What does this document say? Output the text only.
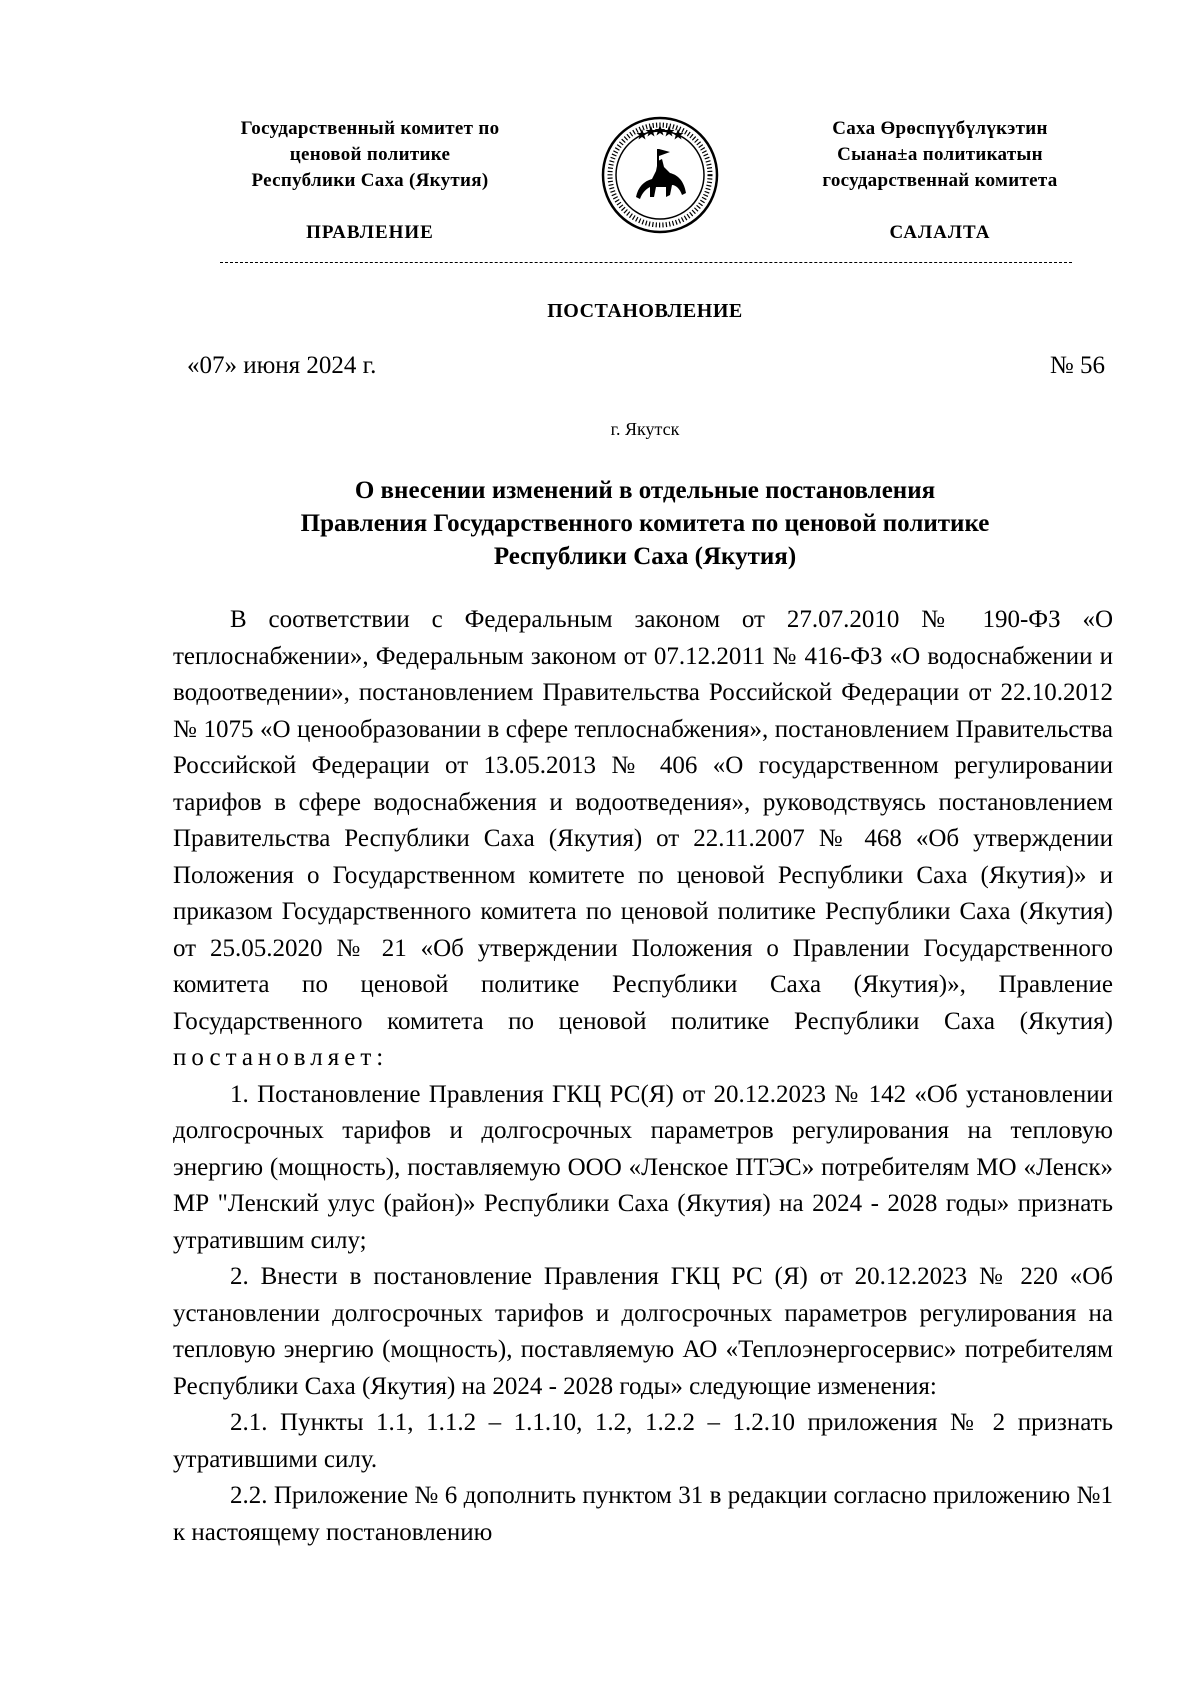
Государственный комитет по
ценовой политике
Республики Саха (Якутия)
Саха Өрөспүүбүлүкэтин
Сыана±а политикатын
государственнай комитета
ПРАВЛЕНИЕ	САЛАЛТА
ПОСТАНОВЛЕНИЕ
«07» июня 2024 г.	№ 56
г. Якутск
О внесении изменений в отдельные постановления
Правления Государственного комитета по ценовой политике
Республики Саха (Якутия)

В соответствии с Федеральным законом от 27.07.2010 № 190-ФЗ «О теплоснабжении», Федеральным законом от 07.12.2011 № 416-ФЗ «О водоснабжении и водоотведении», постановлением Правительства Российской Федерации от 22.10.2012 № 1075 «О ценообразовании в сфере теплоснабжения», постановлением Правительства Российской Федерации от 13.05.2013 № 406 «О государственном регулировании тарифов в сфере водоснабжения и водоотведения», руководствуясь постановлением Правительства Республики Саха (Якутия) от 22.11.2007 № 468 «Об утверждении Положения о Государственном комитете по ценовой Республики Саха (Якутия)» и приказом Государственного комитета по ценовой политике Республики Саха (Якутия) от 25.05.2020 № 21 «Об утверждении Положения о Правлении Государственного комитета по ценовой политике Республики Саха (Якутия)», Правление Государственного комитета по ценовой политике Республики Саха (Якутия) постановляет:

1. Постановление Правления ГКЦ РС(Я) от 20.12.2023 № 142 «Об установлении долгосрочных тарифов и долгосрочных параметров регулирования на тепловую энергию (мощность), поставляемую ООО «Ленское ПТЭС» потребителям МО «Ленск» МР "Ленский улус (район)» Республики Саха (Якутия) на 2024 - 2028 годы» признать утратившим силу;

2. Внести в постановление Правления ГКЦ РС (Я) от 20.12.2023 № 220 «Об установлении долгосрочных тарифов и долгосрочных параметров регулирования на тепловую энергию (мощность), поставляемую АО «Теплоэнергосервис» потребителям Республики Саха (Якутия) на 2024 - 2028 годы» следующие изменения:

2.1. Пункты 1.1, 1.1.2 – 1.1.10, 1.2, 1.2.2 – 1.2.10 приложения № 2 признать утратившими силу.

2.2. Приложение № 6 дополнить пунктом 31 в редакции согласно приложению №1 к настоящему постановлению
